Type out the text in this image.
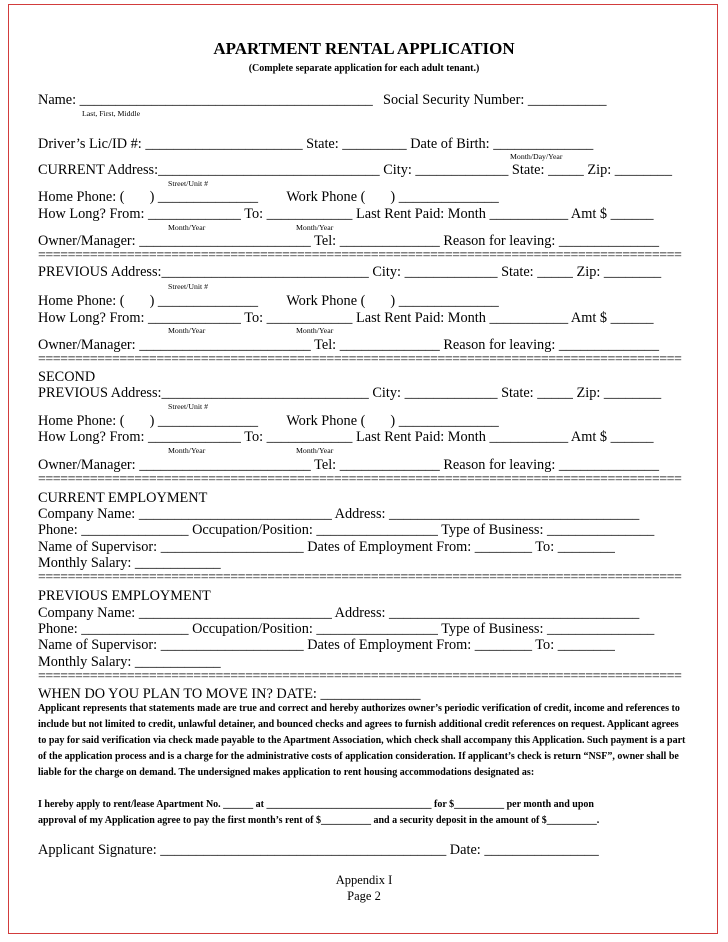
APARTMENT RENTAL APPLICATION
(Complete separate application for each adult tenant.)
Name: _________________________________________ Social Security Number: ___________
Last, First, Middle
Driver’s Lic/ID #: ______________________ State: _________ Date of Birth: ______________
Month/Day/Year
CURRENT Address:_______________________________ City: _____________ State: _____ Zip: ________
Street/Unit #
Home Phone: (       ) ______________        Work Phone (       ) ______________
How Long? From: _____________ To: ____________ Last Rent Paid: Month ___________ Amt $ ______
Month/Year	Month/Year
Owner/Manager: ________________________ Tel: ______________ Reason for leaving: ______________
=======================================================================================
PREVIOUS Address:_____________________________ City: _____________ State: _____ Zip: ________
Street/Unit #
Home Phone: (       ) ______________        Work Phone (       ) ______________
How Long? From: _____________ To: ____________ Last Rent Paid: Month ___________ Amt $ ______
Month/Year	Month/Year
Owner/Manager: ________________________ Tel: ______________ Reason for leaving: ______________
=======================================================================================
SECOND
PREVIOUS Address:_____________________________ City: _____________ State: _____ Zip: ________
Street/Unit #
Home Phone: (       ) ______________        Work Phone (       ) ______________
How Long? From: _____________ To: ____________ Last Rent Paid: Month ___________ Amt $ ______
Month/Year	Month/Year
Owner/Manager: ________________________ Tel: ______________ Reason for leaving: ______________
=======================================================================================
CURRENT EMPLOYMENT
Company Name: ___________________________ Address: ___________________________________
Phone: _______________ Occupation/Position: _________________ Type of Business: _______________
Name of Supervisor: ____________________ Dates of Employment From: ________ To: ________
Monthly Salary: ____________
=======================================================================================
PREVIOUS EMPLOYMENT
Company Name: ___________________________ Address: ___________________________________
Phone: _______________ Occupation/Position: _________________ Type of Business: _______________
Name of Supervisor: ____________________ Dates of Employment From: ________ To: ________
Monthly Salary: ____________
=======================================================================================
WHEN DO YOU PLAN TO MOVE IN? DATE: ______________
Applicant represents that statements made are true and correct and hereby authorizes owner’s periodic verification of credit, income and references to include but not limited to credit, unlawful detainer, and bounced checks and agrees to furnish additional credit references on request. Applicant agrees to pay for said verification via check made payable to the Apartment Association, which check shall accompany this Application. Such payment is a part of the application process and is a charge for the administrative costs of application consideration. If applicant’s check is return “NSF”, owner shall be liable for the charge on demand. The undersigned makes application to rent housing accommodations designated as:
I hereby apply to rent/lease Apartment No. ______ at _________________________________ for $__________ per month and upon
approval of my Application agree to pay the first month’s rent of $__________ and a security deposit in the amount of $__________.
Applicant Signature: ________________________________________ Date: ________________
Appendix I
Page 2
